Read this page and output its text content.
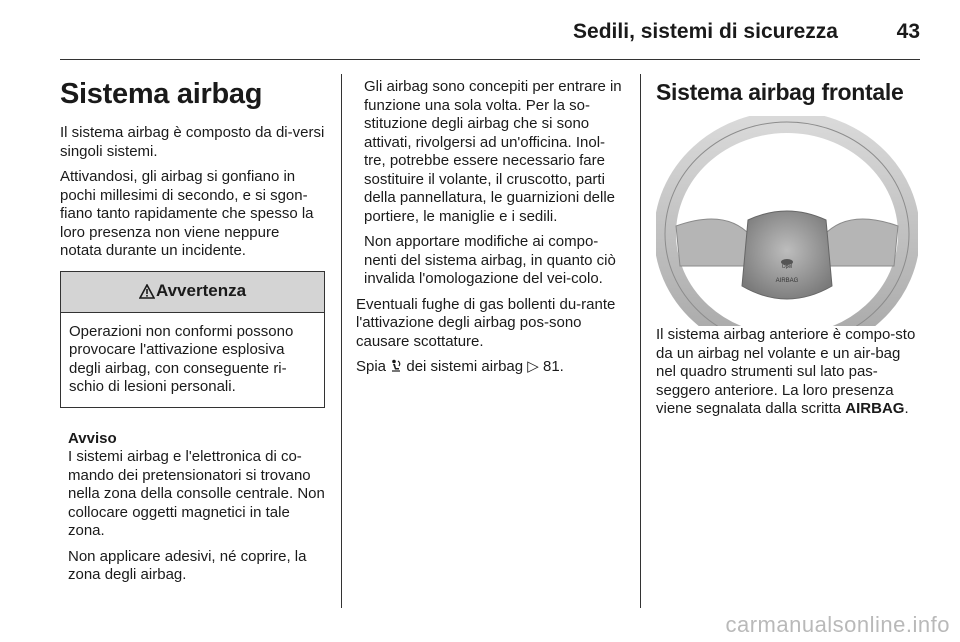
Sedili, sistemi di sicurezza	43
Sistema airbag

Il sistema airbag è composto da di-versi singoli sistemi.

Attivandosi, gli airbag si gonfiano in pochi millesimi di secondo, e si sgon-fiano tanto rapidamente che spesso la loro presenza non viene neppure notata durante un incidente.

Avvertenza
Operazioni non conformi possono provocare l'attivazione esplosiva degli airbag, con conseguente ri-schio di lesioni personali.
Avviso

I sistemi airbag e l'elettronica di co-mando dei pretensionatori si trovano nella zona della consolle centrale. Non collocare oggetti magnetici in tale zona.

Non applicare adesivi, né coprire, la zona degli airbag.

Gli airbag sono concepiti per entrare in funzione una sola volta. Per la so-stituzione degli airbag che si sono attivati, rivolgersi ad un'officina. Inol-tre, potrebbe essere necessario fare sostituire il volante, il cruscotto, parti della pannellatura, le guarnizioni delle portiere, le maniglie e i sedili.

Non apportare modifiche ai compo-nenti del sistema airbag, in quanto ciò invalida l'omologazione del vei-colo.

Eventuali fughe di gas bollenti du-rante l'attivazione degli airbag pos-sono causare scottature.

Spia dei sistemi airbag ▷ 81.

Sistema airbag frontale
Opel
AIRBAG

Il sistema airbag anteriore è compo-sto da un airbag nel volante e un air-bag nel quadro strumenti sul lato pas-seggero anteriore. La loro presenza viene segnalata dalla scritta AIRBAG.

carmanualsonline.info
